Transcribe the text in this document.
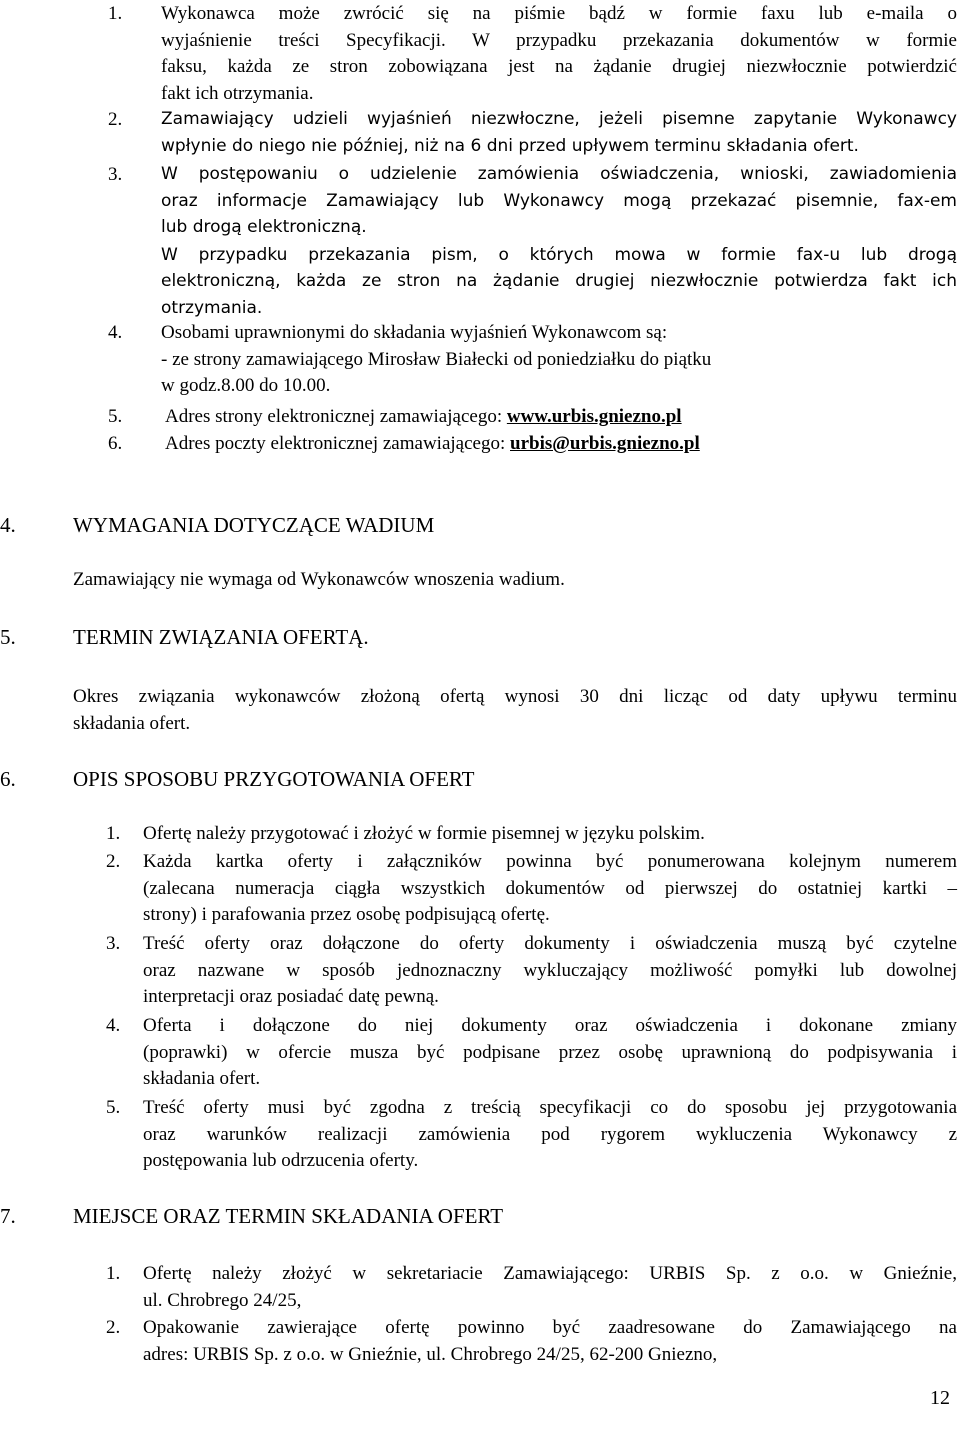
1. Wykonawca może zwrócić się na piśmie bądź w formie faxu lub e-maila o
wyjaśnienie treści Specyfikacji. W przypadku przekazania dokumentów w formie
faksu, każda ze stron zobowiązana jest na żądanie drugiej niezwłocznie potwierdzić
fakt ich otrzymania.
2. Zamawiający udzieli wyjaśnień niezwłoczne, jeżeli pisemne zapytanie Wykonawcy
wpłynie do niego nie później, niż na 6 dni przed upływem terminu składania ofert.
3. W postępowaniu o udzielenie zamówienia oświadczenia, wnioski, zawiadomienia
oraz informacje Zamawiający lub Wykonawcy mogą przekazać pisemnie, fax-em
lub drogą elektroniczną.
W przypadku przekazania pism, o których mowa w formie fax-u lub drogą
elektroniczną, każda ze stron na żądanie drugiej niezwłocznie potwierdza fakt ich
otrzymania.
4. Osobami uprawnionymi do składania wyjaśnień Wykonawcom są:
- ze strony zamawiającego Mirosław Białecki od poniedziałku do piątku
w godz.8.00 do 10.00.
5. Adres strony elektronicznej zamawiającego: www.urbis.gniezno.pl
6. Adres poczty elektronicznej zamawiającego: urbis@urbis.gniezno.pl
4.	WYMAGANIA DOTYCZĄCE WADIUM
Zamawiający nie wymaga od Wykonawców wnoszenia wadium.
5.	TERMIN ZWIĄZANIA OFERTĄ.
Okres związania wykonawców złożoną ofertą wynosi 30 dni licząc od daty upływu terminu
składania ofert.
6.	OPIS SPOSOBU PRZYGOTOWANIA OFERT
1. Ofertę należy przygotować i złożyć w formie pisemnej w języku polskim.
2. Każda kartka oferty i załączników powinna być ponumerowana kolejnym numerem
(zalecana numeracja ciągła wszystkich dokumentów od pierwszej do ostatniej kartki –
strony) i parafowania przez osobę podpisującą ofertę.
3. Treść oferty oraz dołączone do oferty dokumenty i oświadczenia muszą być czytelne
oraz nazwane w sposób jednoznaczny wykluczający możliwość pomyłki lub dowolnej
interpretacji oraz posiadać datę pewną.
4. Oferta i dołączone do niej dokumenty oraz oświadczenia i dokonane zmiany
(poprawki) w ofercie musza być podpisane przez osobę uprawnioną do podpisywania i
składania ofert.
5. Treść oferty musi być zgodna z treścią specyfikacji co do sposobu jej przygotowania
oraz warunków realizacji zamówienia pod rygorem wykluczenia Wykonawcy z
postępowania lub odrzucenia oferty.
7.	MIEJSCE ORAZ TERMIN SKŁADANIA OFERT
1. Ofertę należy złożyć w sekretariacie Zamawiającego: URBIS Sp. z o.o. w Gnieźnie,
ul. Chrobrego 24/25,
2. Opakowanie zawierające ofertę powinno być zaadresowane do Zamawiającego na
adres: URBIS Sp. z o.o. w Gnieźnie, ul. Chrobrego 24/25, 62-200 Gniezno,
12
